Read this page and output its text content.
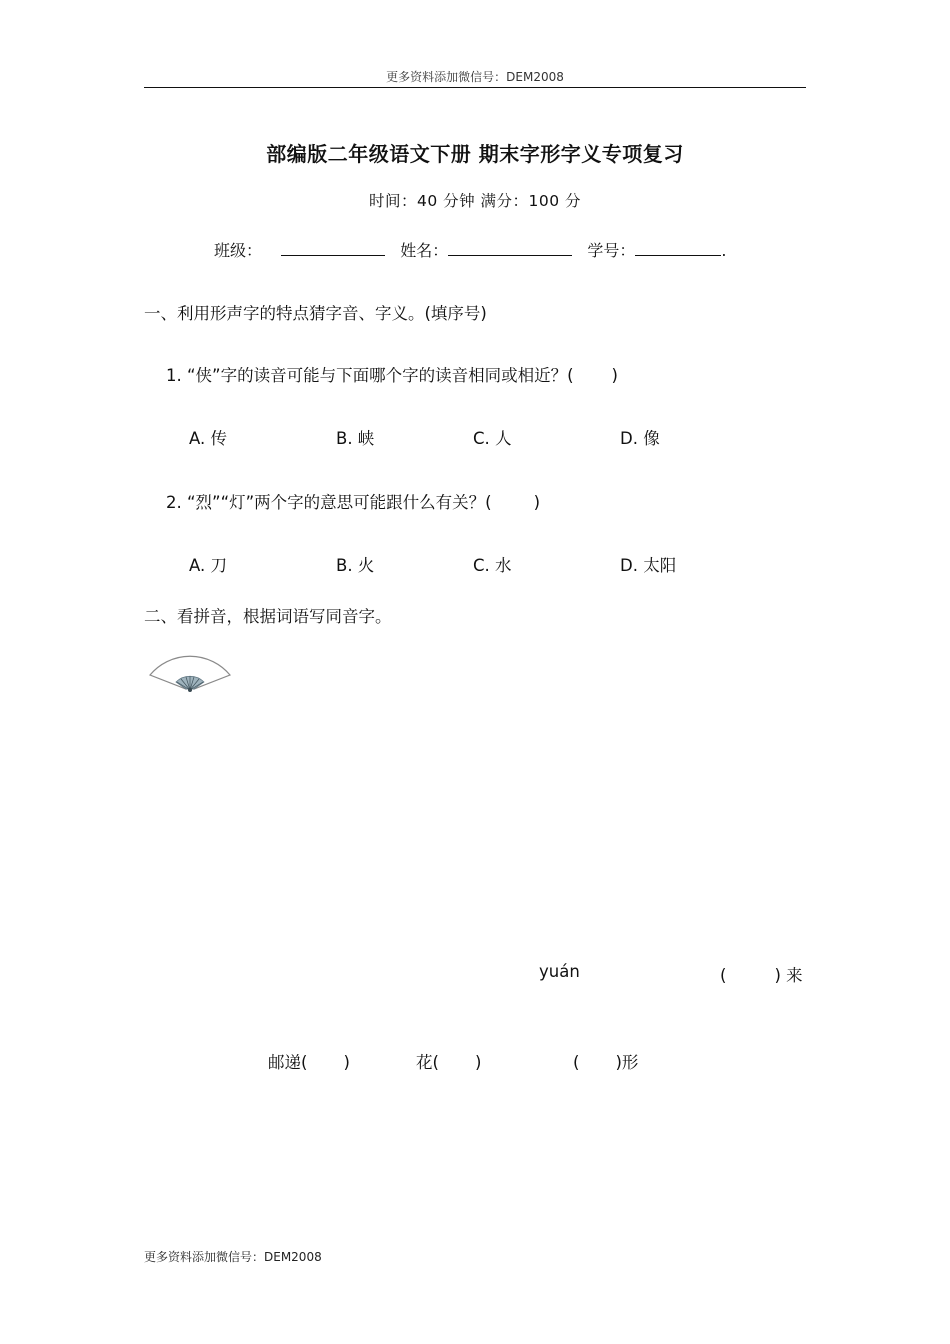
更多资料添加微信号：DEM2008
部编版二年级语文下册 期末字形字义专项复习
时间：40 分钟 满分：100 分
班级：	姓名：	学号：	.
一、利用形声字的特点猜字音、字义。(填序号)
1. “侠”字的读音可能与下面哪个字的读音相同或相近？( )
A. 传	B. 峡	C. 人	D. 像
2. “烈”“灯”两个字的意思可能跟什么有关？(	)
A. 刀	B. 火	C. 水	D. 太阳
二、看拼音，根据词语写同音字。
yuán	(	) 来
邮递( )	花( )	( )形
更多资料添加微信号：DEM2008
